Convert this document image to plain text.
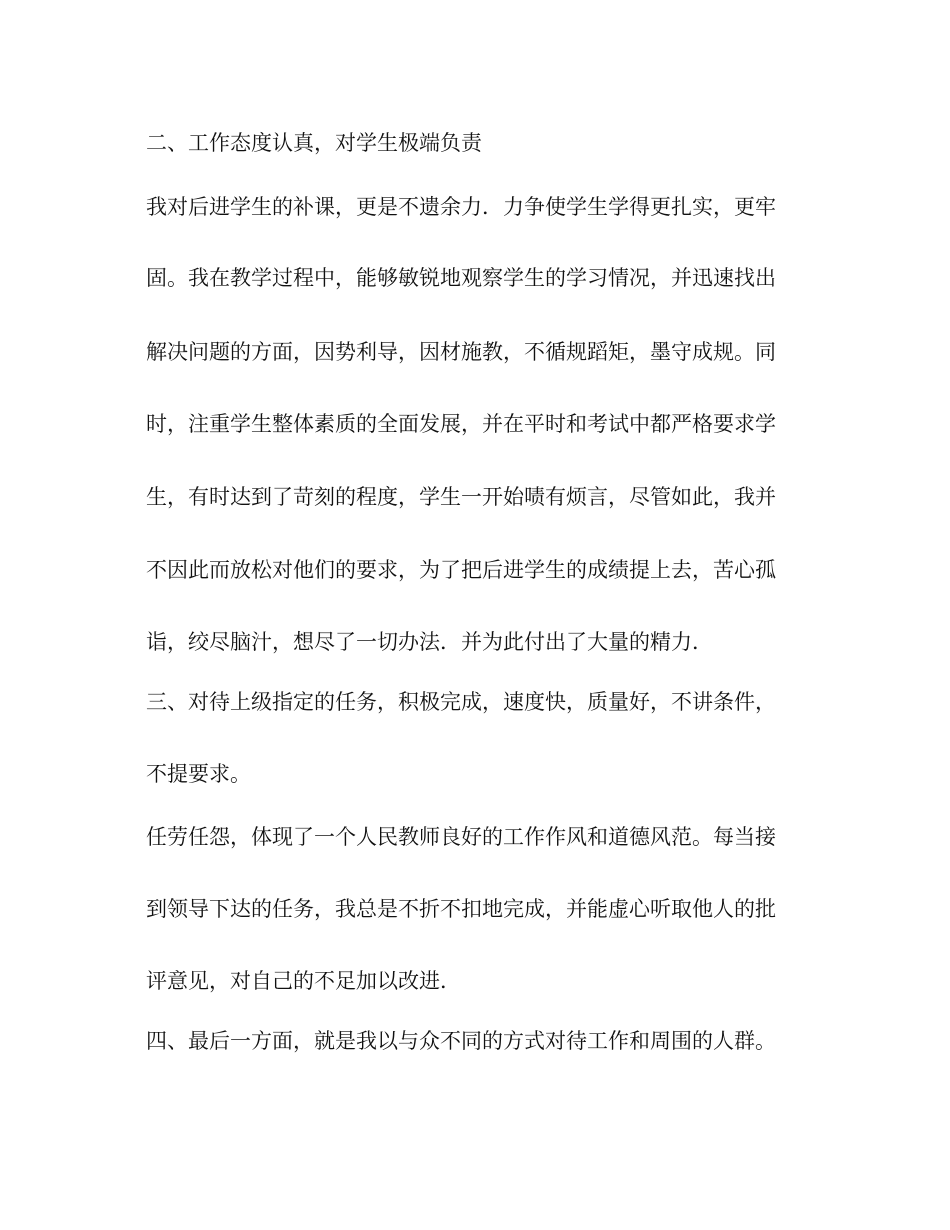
二、工作态度认真，对学生极端负责
我对后进学生的补课，更是不遗余力．力争使学生学得更扎实，更牢
固。我在教学过程中，能够敏锐地观察学生的学习情况，并迅速找出
解决问题的方面，因势利导，因材施教，不循规蹈矩，墨守成规。同
时，注重学生整体素质的全面发展，并在平时和考试中都严格要求学
生，有时达到了苛刻的程度，学生一开始啧有烦言，尽管如此，我并
不因此而放松对他们的要求，为了把后进学生的成绩提上去，苦心孤
诣，绞尽脑汁，想尽了一切办法．并为此付出了大量的精力．
三、对待上级指定的任务，积极完成，速度快，质量好，不讲条件，
不提要求。
任劳任怨，体现了一个人民教师良好的工作作风和道德风范。每当接
到领导下达的任务，我总是不折不扣地完成，并能虚心听取他人的批
评意见，对自己的不足加以改进．
四、最后一方面，就是我以与众不同的方式对待工作和周围的人群。
